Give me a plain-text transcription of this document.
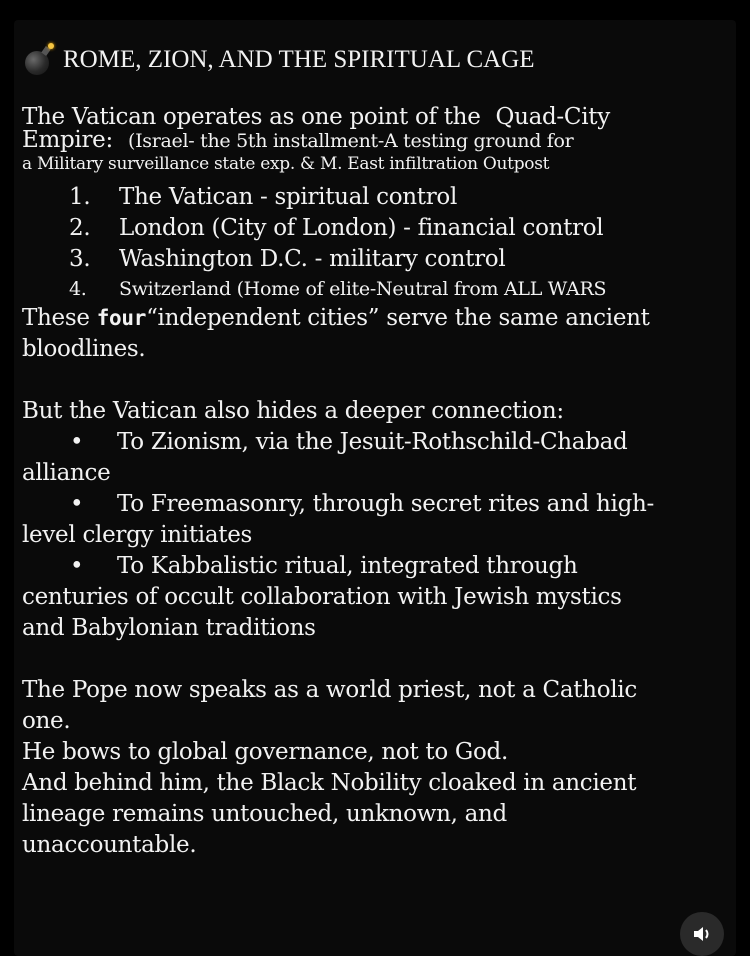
ROME, ZION, AND THE SPIRITUAL CAGE
The Vatican operates as one point of the Quad-City
Empire: (Israel- the 5th installment-A testing ground for
a Military surveillance state exp. & M. East infiltration Outpost
1.	The Vatican - spiritual control
2.	London (City of London) - financial control
3.	Washington D.C. - military control
4.	Switzerland (Home of elite-Neutral from ALL WARS
These four“independent cities” serve the same ancient
bloodlines.
But the Vatican also hides a deeper connection:
• To Zionism, via the Jesuit-Rothschild-Chabad
alliance
• To Freemasonry, through secret rites and high-
level clergy initiates
• To Kabbalistic ritual, integrated through
centuries of occult collaboration with Jewish mystics
and Babylonian traditions
The Pope now speaks as a world priest, not a Catholic
one.
He bows to global governance, not to God.
And behind him, the Black Nobility cloaked in ancient
lineage remains untouched, unknown, and
unaccountable.
